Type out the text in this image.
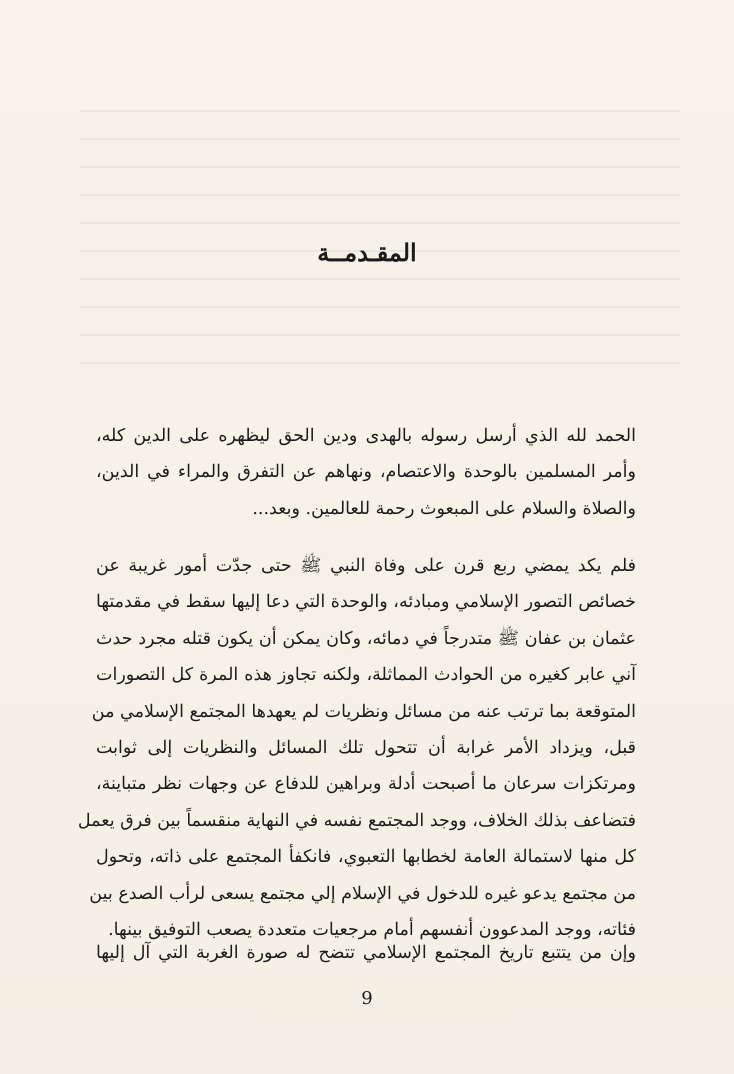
المقـدمــة
الحمد لله الذي أرسل رسوله بالهدى ودين الحق ليظهره على الدين كله،
وأمر المسلمين بالوحدة والاعتصام، ونهاهم عن التفرق والمراء في الدين،
والصلاة والسلام على المبعوث رحمة للعالمين. وبعد...
فلم يكد يمضي ربع قرن على وفاة النبي ﷺ حتى جدّت أمور غريبة عن
خصائص التصور الإسلامي ومبادئه، والوحدة التي دعا إليها سقط في مقدمتها
عثمان بن عفان ﷺ متدرجاً في دمائه، وكان يمكن أن يكون قتله مجرد حدث
آني عابر كغيره من الحوادث المماثلة، ولكنه تجاوز هذه المرة كل التصورات
المتوقعة بما ترتب عنه من مسائل ونظريات لم يعهدها المجتمع الإسلامي من
قبل، ويزداد الأمر غرابة أن تتحول تلك المسائل والنظريات إلى ثوابت
ومرتكزات سرعان ما أصبحت أدلة وبراهين للدفاع عن وجهات نظر متباينة،
فتضاعف بذلك الخلاف، ووجد المجتمع نفسه في النهاية منقسماً بين فرق يعمل
كل منها لاستمالة العامة لخطابها التعبوي، فانكفأ المجتمع على ذاته، وتحول
من مجتمع يدعو غيره للدخول في الإسلام إلي مجتمع يسعى لرأب الصدع بين
فئاته، ووجد المدعوون أنفسهم أمام مرجعيات متعددة يصعب التوفيق بينها.
وإن من يتتبع تاريخ المجتمع الإسلامي تتضح له صورة الغربة التي آل إليها
9
